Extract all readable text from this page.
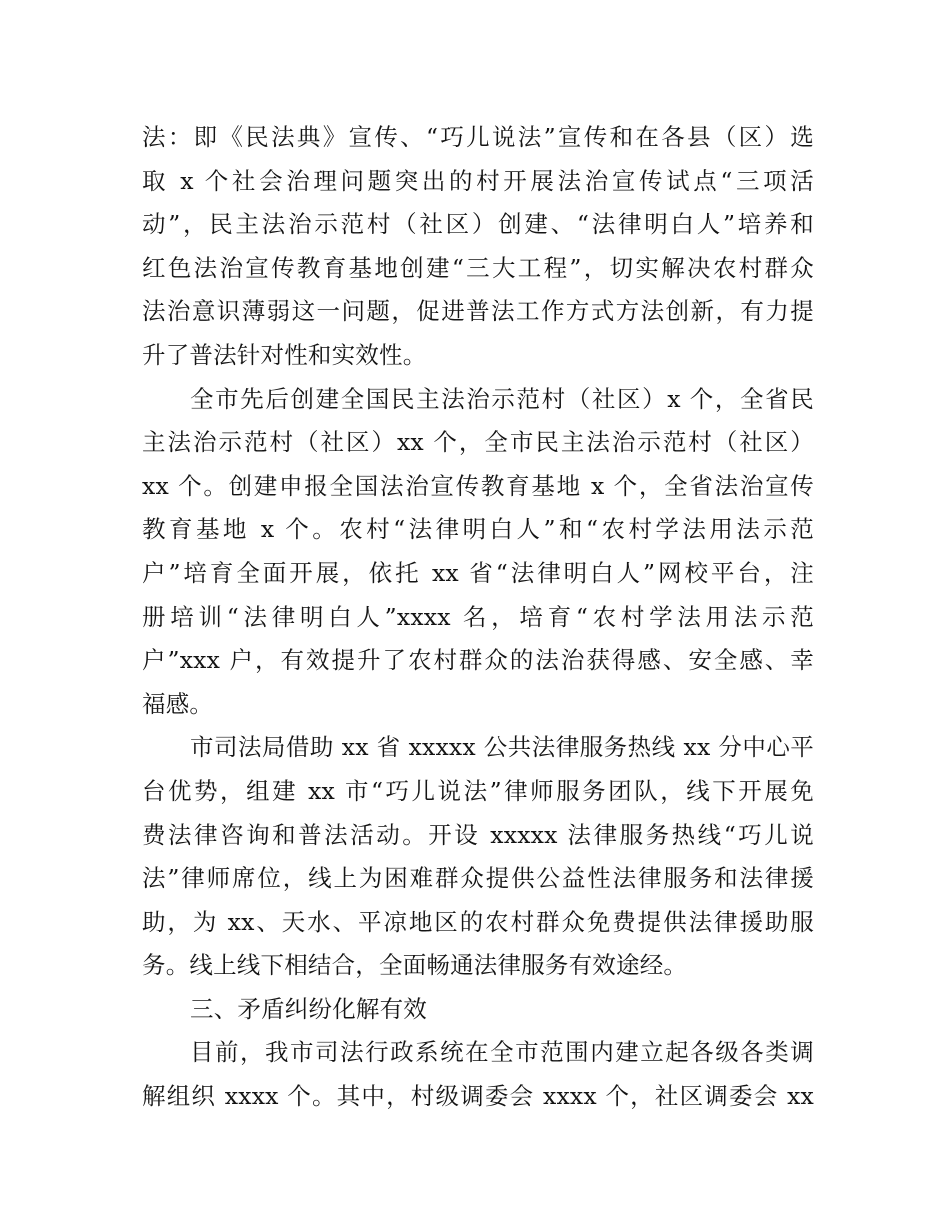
法：即《民法典》宣传、“巧儿说法”宣传和在各县（区）选
取 x 个社会治理问题突出的村开展法治宣传试点“三项活
动”，民主法治示范村（社区）创建、“法律明白人”培养和
红色法治宣传教育基地创建“三大工程”，切实解决农村群众
法治意识薄弱这一问题，促进普法工作方式方法创新，有力提
升了普法针对性和实效性。
全市先后创建全国民主法治示范村（社区）x 个，全省民
主法治示范村（社区）xx 个，全市民主法治示范村（社区）
xx 个。创建申报全国法治宣传教育基地 x 个，全省法治宣传
教育基地 x 个。农村“法律明白人”和“农村学法用法示范
户”培育全面开展，依托 xx 省“法律明白人”网校平台，注
册培训“法律明白人”xxxx 名，培育“农村学法用法示范
户”xxx 户，有效提升了农村群众的法治获得感、安全感、幸
福感。
市司法局借助 xx 省 xxxxx 公共法律服务热线 xx 分中心平
台优势，组建 xx 市“巧儿说法”律师服务团队，线下开展免
费法律咨询和普法活动。开设 xxxxx 法律服务热线“巧儿说
法”律师席位，线上为困难群众提供公益性法律服务和法律援
助，为 xx、天水、平凉地区的农村群众免费提供法律援助服
务。线上线下相结合，全面畅通法律服务有效途经。
三、矛盾纠纷化解有效
目前，我市司法行政系统在全市范围内建立起各级各类调
解组织 xxxx 个。其中，村级调委会 xxxx 个，社区调委会 xx
